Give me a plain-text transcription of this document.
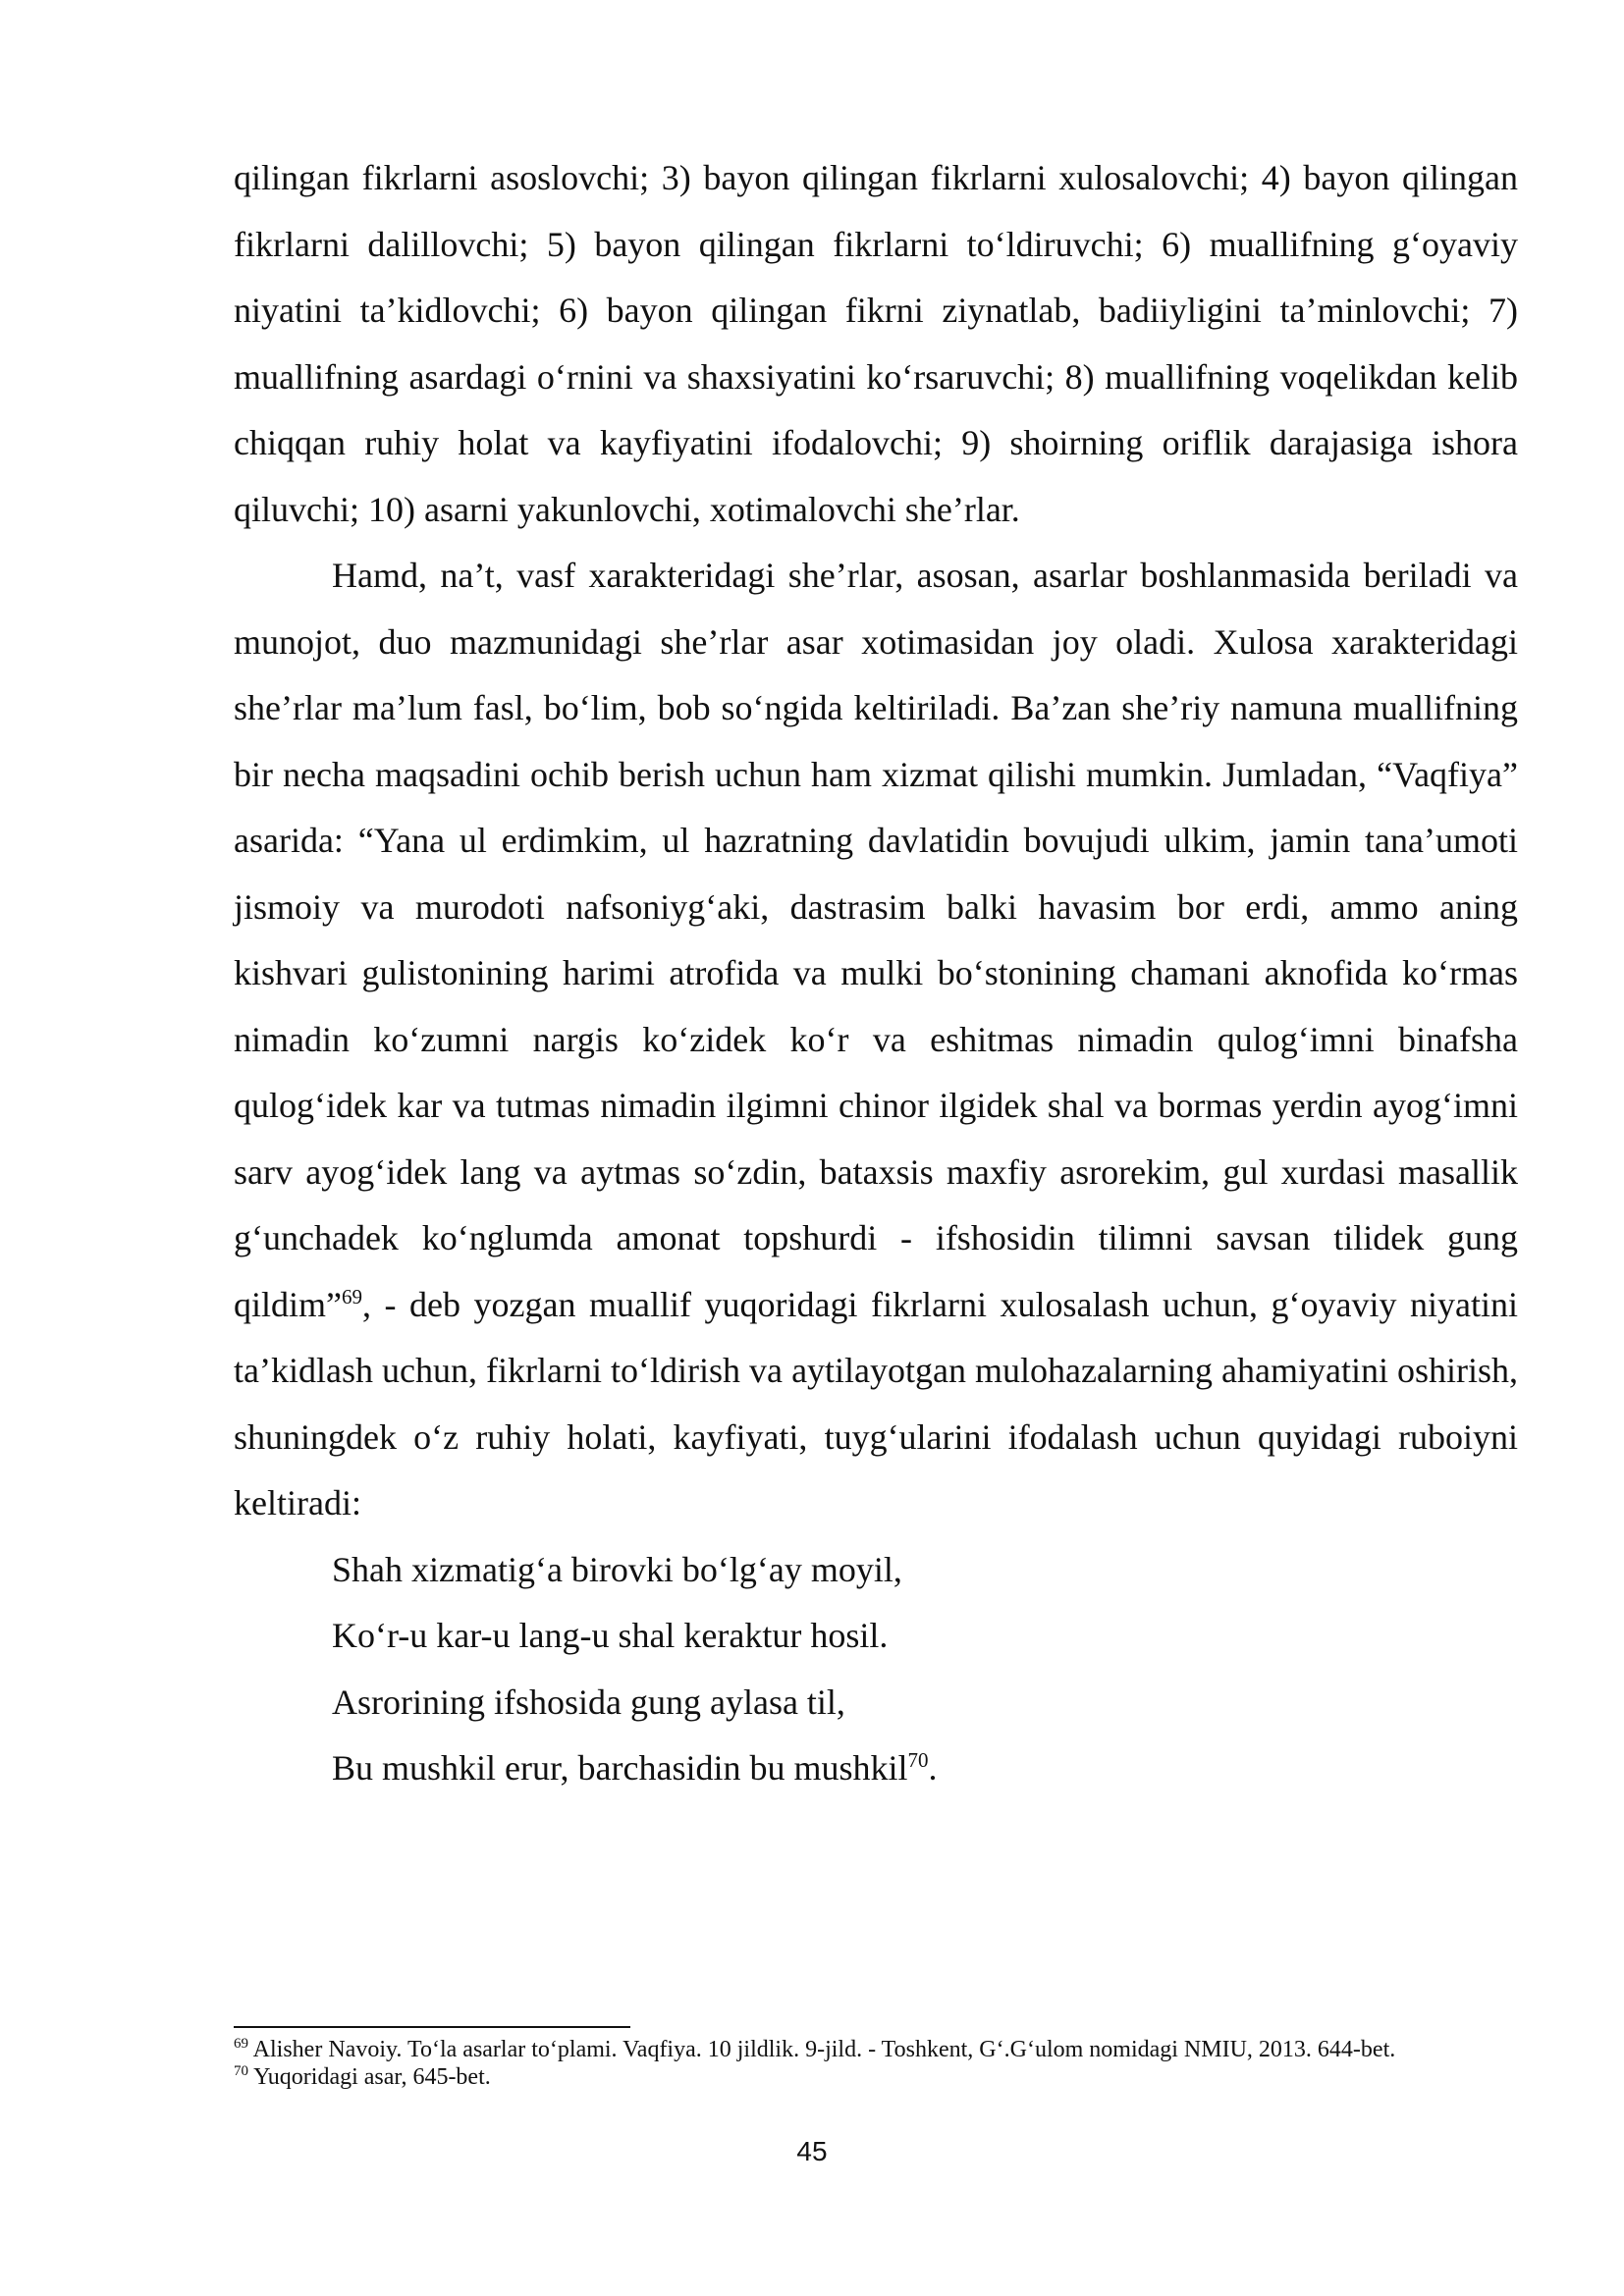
qilingan fikrlarni asoslovchi; 3) bayon qilingan fikrlarni xulosalovchi; 4) bayon qilingan fikrlarni dalillovchi; 5) bayon qilingan fikrlarni to‘ldiruvchi; 6) muallifning g‘oyaviy niyatini ta’kidlovchi; 6) bayon qilingan fikrni ziynatlab, badiiyligini ta’minlovchi; 7) muallifning asardagi o‘rnini va shaxsiyatini ko‘rsaruvchi; 8) muallifning voqelikdan kelib chiqqan ruhiy holat va kayfiyatini ifodalovchi; 9) shoirning oriflik darajasiga ishora qiluvchi; 10) asarni yakunlovchi, xotimalovchi she’rlar.

Hamd, na’t, vasf xarakteridagi she’rlar, asosan, asarlar boshlanmasida beriladi va munojot, duo mazmunidagi she’rlar asar xotimasidan joy oladi. Xulosa xarakteridagi she’rlar ma’lum fasl, bo‘lim, bob so‘ngida keltiriladi. Ba’zan she’riy namuna muallifning bir necha maqsadini ochib berish uchun ham xizmat qilishi mumkin. Jumladan, “Vaqfiya” asarida: “Yana ul erdimkim, ul hazratning davlatidin bovujudi ulkim, jamin tana’umoti jismoiy va murodoti nafsoniyg‘aki, dastrasim balki havasim bor erdi, ammo aning kishvari gulistonining harimi atrofida va mulki bo‘stonining chamani aknofida ko‘rmas nimadin ko‘zumni nargis ko‘zidek ko‘r va eshitmas nimadin qulog‘imni binafsha qulog‘idek kar va tutmas nimadin ilgimni chinor ilgidek shal va bormas yerdin ayog‘imni sarv ayog‘idek lang va aytmas so‘zdin, bataxsis maxfiy asrorekim, gul xurdasi masallik g‘unchadek ko‘nglumda amonat topshurdi - ifshosidin tilimni savsan tilidek gung qildim”$^{69}$, - deb yozgan muallif yuqoridagi fikrlarni xulosalash uchun, g‘oyaviy niyatini ta’kidlash uchun, fikrlarni to‘ldirish va aytilayotgan mulohazalarning ahamiyatini oshirish, shuningdek o‘z ruhiy holati, kayfiyati, tuyg‘ularini ifodalash uchun quyidagi ruboiyni keltiradi:

Shah xizmatig‘a birovki bo‘lg‘ay moyil,
Ko‘r-u kar-u lang-u shal keraktur hosil.
Asrorining ifshosida gung aylasa til,
Bu mushkil erur, barchasidin bu mushkil$^{70}$.

$^{69}$ Alisher Navoiy. To‘la asarlar to‘plami. Vaqfiya. 10 jildlik. 9-jild. - Toshkent, G‘.G‘ulom nomidagi NMIU, 2013. 644-bet.

$^{70}$ Yuqoridagi asar, 645-bet.

45
